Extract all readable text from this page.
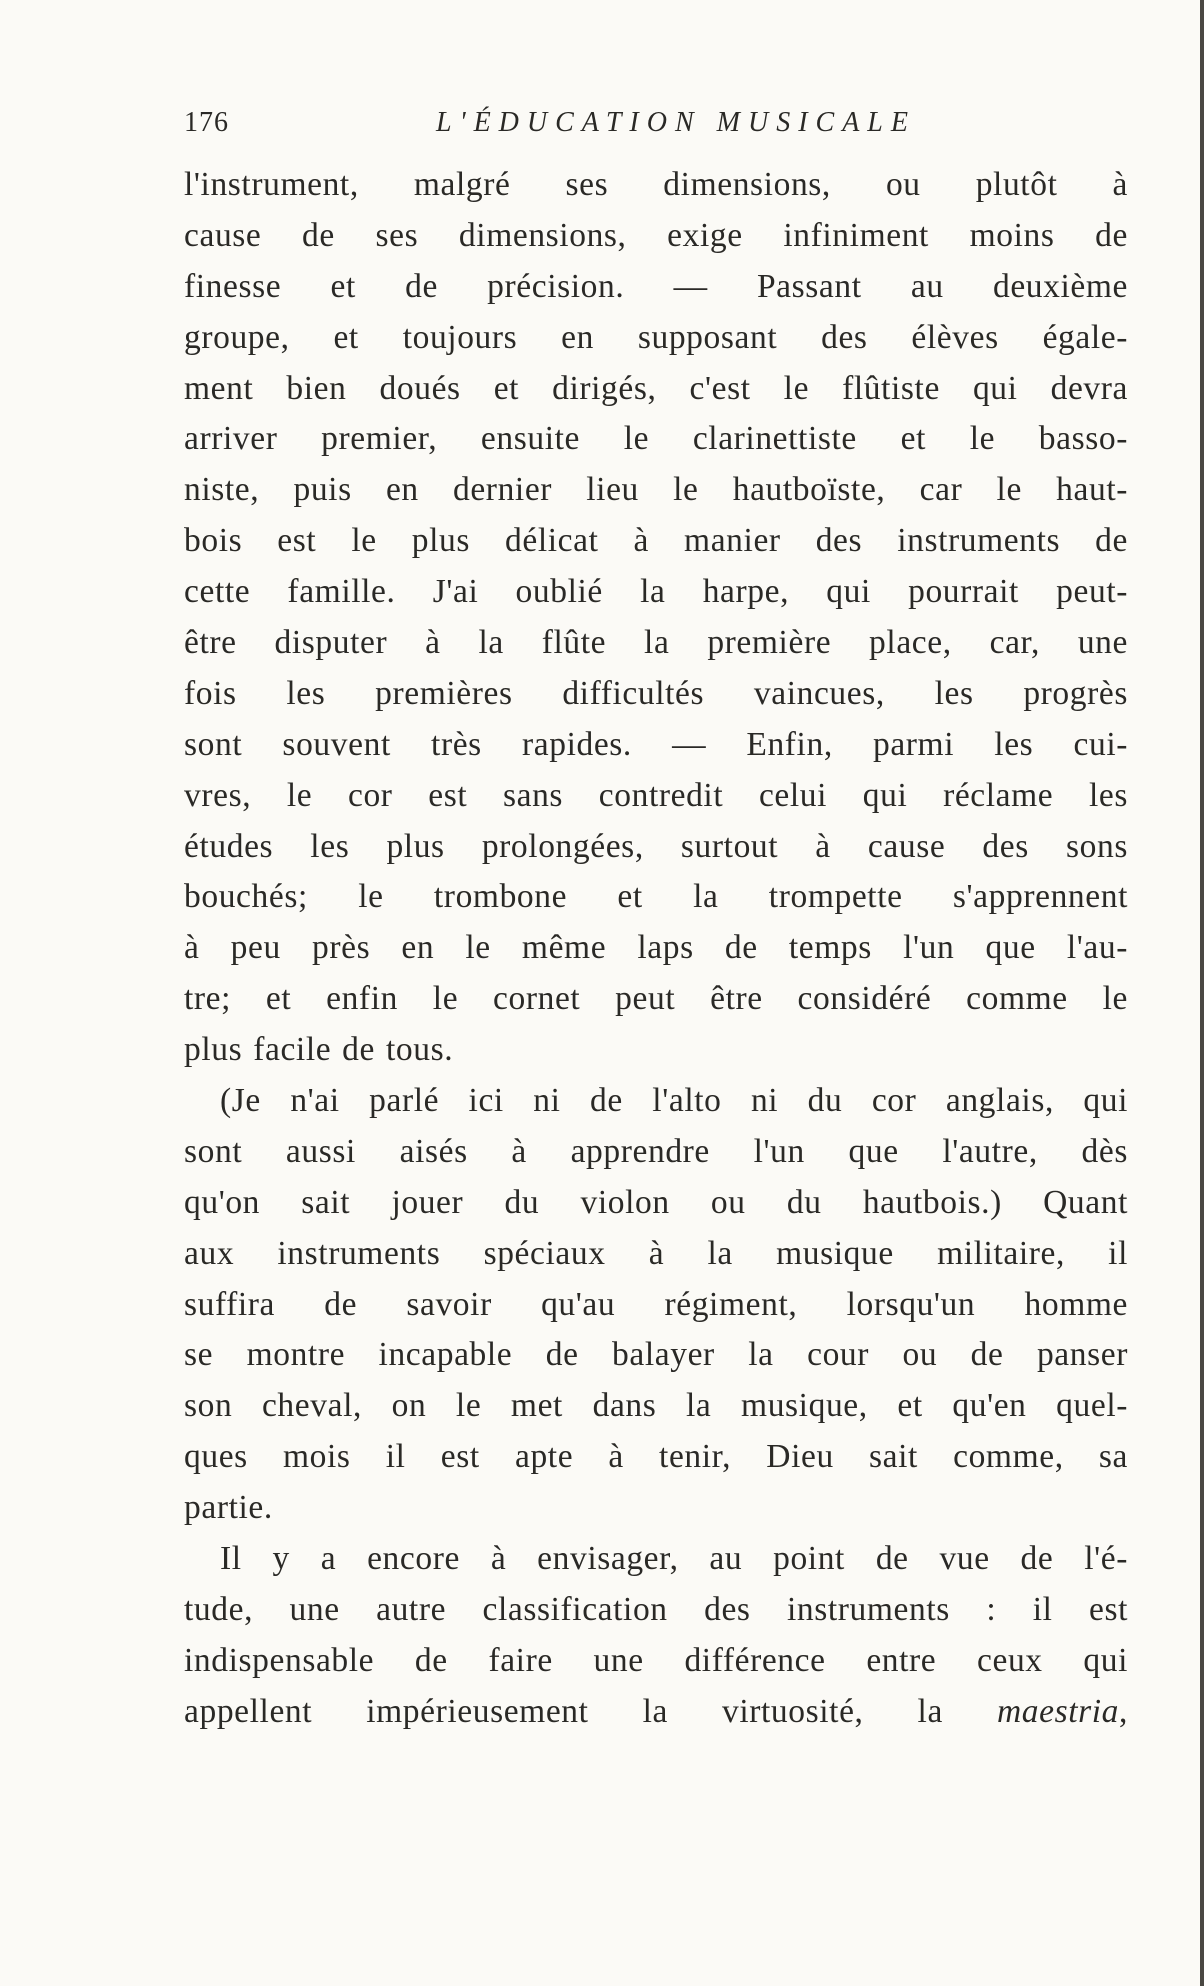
176	L'ÉDUCATION MUSICALE
l'instrument, malgré ses dimensions, ou plutôt à
cause de ses dimensions, exige infiniment moins de
finesse et de précision. — Passant au deuxième
groupe, et toujours en supposant des élèves égale-
ment bien doués et dirigés, c'est le flûtiste qui devra
arriver premier, ensuite le clarinettiste et le basso-
niste, puis en dernier lieu le hautboïste, car le haut-
bois est le plus délicat à manier des instruments de
cette famille. J'ai oublié la harpe, qui pourrait peut-
être disputer à la flûte la première place, car, une
fois les premières difficultés vaincues, les progrès
sont souvent très rapides. — Enfin, parmi les cui-
vres, le cor est sans contredit celui qui réclame les
études les plus prolongées, surtout à cause des sons
bouchés; le trombone et la trompette s'apprennent
à peu près en le même laps de temps l'un que l'au-
tre; et enfin le cornet peut être considéré comme le
plus facile de tous.
(Je n'ai parlé ici ni de l'alto ni du cor anglais, qui
sont aussi aisés à apprendre l'un que l'autre, dès
qu'on sait jouer du violon ou du hautbois.) Quant
aux instruments spéciaux à la musique militaire, il
suffira de savoir qu'au régiment, lorsqu'un homme
se montre incapable de balayer la cour ou de panser
son cheval, on le met dans la musique, et qu'en quel-
ques mois il est apte à tenir, Dieu sait comme, sa
partie.
Il y a encore à envisager, au point de vue de l'é-
tude, une autre classification des instruments : il est
indispensable de faire une différence entre ceux qui
appellent impérieusement la virtuosité, la maestria,
